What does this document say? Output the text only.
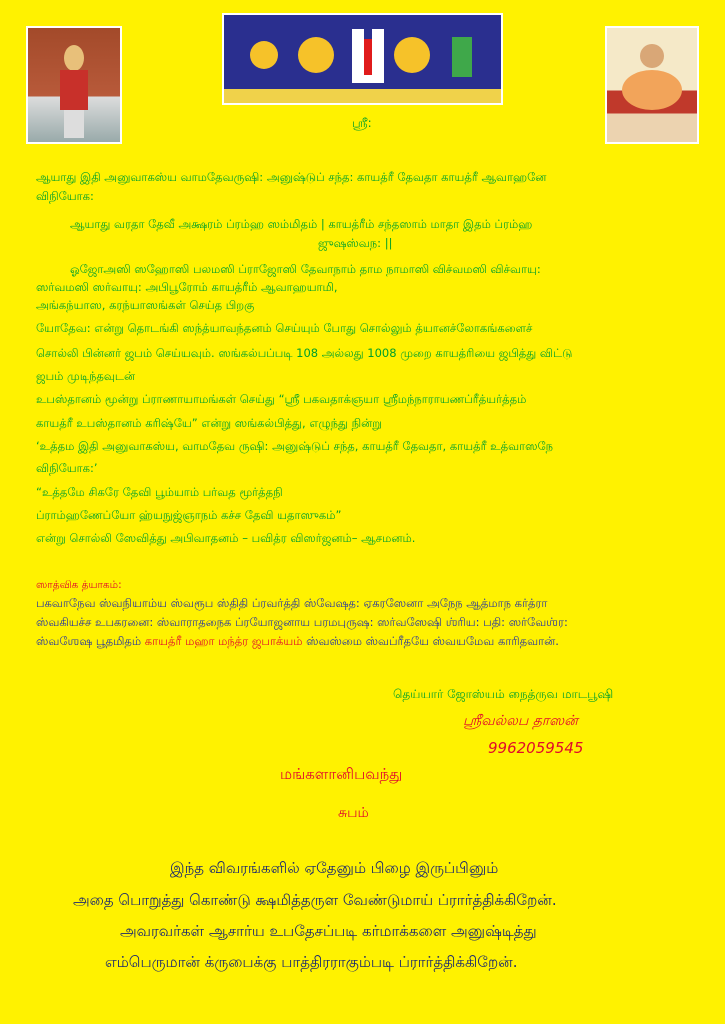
ஸ்ரீ:

ஆயாது இதி அனுவாகஸ்ய வாமதேவருஷி: அனுஷ்டுப் சந்த: காயத்ரீ தேவதா காயத்ரீ ஆவாஹனே

விநியோக:

ஆயாது வரதா தேவீ அக்ஷரம் ப்ரம்ஹ ஸம்மிதம் | காயத்ரீம் சந்தஸாம் மாதா இதம் ப்ரம்ஹ

ஜுஷஸ்வந: ||

ஓஜோஅஸி ஸஹோஸி பலமஸி ப்ராஜோஸி தேவாநாம் தாம நாமாஸி விச்வமஸி விச்வாயு:

ஸர்வமஸி ஸர்வாயு: அபிபூரோம் காயத்ரீம் ஆவாஹயாமி,

அங்கந்யாஸ, கரந்யாஸங்கள் செய்த பிறகு

யோதேவ: என்று தொடங்கி ஸந்த்யாவந்தனம் செய்யும் போது சொல்லும் த்யானச்லோகங்களைச்

சொல்லி பின்னர் ஜபம் செய்யவும். ஸங்கல்பப்படி 108 அல்லது 1008 முறை காயத்ரியை ஜபித்து விட்டு

ஜபம் முடிந்தவுடன்

உபஸ்தானம் மூன்று ப்ராணாயாமங்கள் செய்து “ஸ்ரீ பகவதாக்ஞயா ஸ்ரீமந்நாராயணப்ரீத்யர்த்தம்

காயத்ரீ உபஸ்தானம் கரிஷ்யே” என்று ஸங்கல்பித்து, எழுந்து நின்று

‘உத்தம இதி அனுவாகஸ்ய, வாமதேவ ருஷி: அனுஷ்டுப் சந்த, காயத்ரீ தேவதா, காயத்ரீ உத்வாஸநே

விநியோக:’

“உத்தமே சிகரே தேவி பூம்யாம் பர்வத மூர்த்தநி

ப்ராம்ஹணேப்யோ ஹ்யநுஜ்ஞாநம் கச்ச தேவி யதாஸுகம்”

என்று சொல்லி ஸேவித்து அபிவாதனம் – பவித்ர விஸர்ஜனம்– ஆசமனம்.

ஸாத்விக த்யாகம்:

பகவாநேவ ஸ்வநியாம்ய ஸ்வரூப ஸ்திதி ப்ரவர்த்தி ஸ்வேஷத: ஏகரஸேனா அநேந ஆத்மாந கர்த்ரா

ஸ்வகியச்ச உபகரனை: ஸ்வாராதநைக ப்ரயோஜனாய பரமபுருஷ: ஸர்வஸேஷி ஶ்ரிய: பதி: ஸர்வேஶ்ர:

ஸ்வஶேஷ பூதமிதம் காயத்ரீ மஹா மந்த்ர ஜபாக்யம் ஸ்வஸ்மை ஸ்வப்ரீதயே ஸ்வயமேவ காரிதவான்.

தெய்யார் ஜோஸ்யம் நைத்ருவ மாடபூஷி

ஸ்ரீவல்லப தாஸன்

9962059545

மங்களானிபவந்து

சுபம்

இந்த விவரங்களில் ஏதேனும் பிழை இருப்பினும்

அதை பொறுத்து கொண்டு க்ஷமித்தருள வேண்டுமாய் ப்ரார்த்திக்கிறேன்.

அவரவர்கள் ஆசார்ய உபதேசப்படி கர்மாக்களை அனுஷ்டித்து

எம்பெருமான் க்ருபைக்கு பாத்திரராகும்படி ப்ரார்த்திக்கிறேன்.
